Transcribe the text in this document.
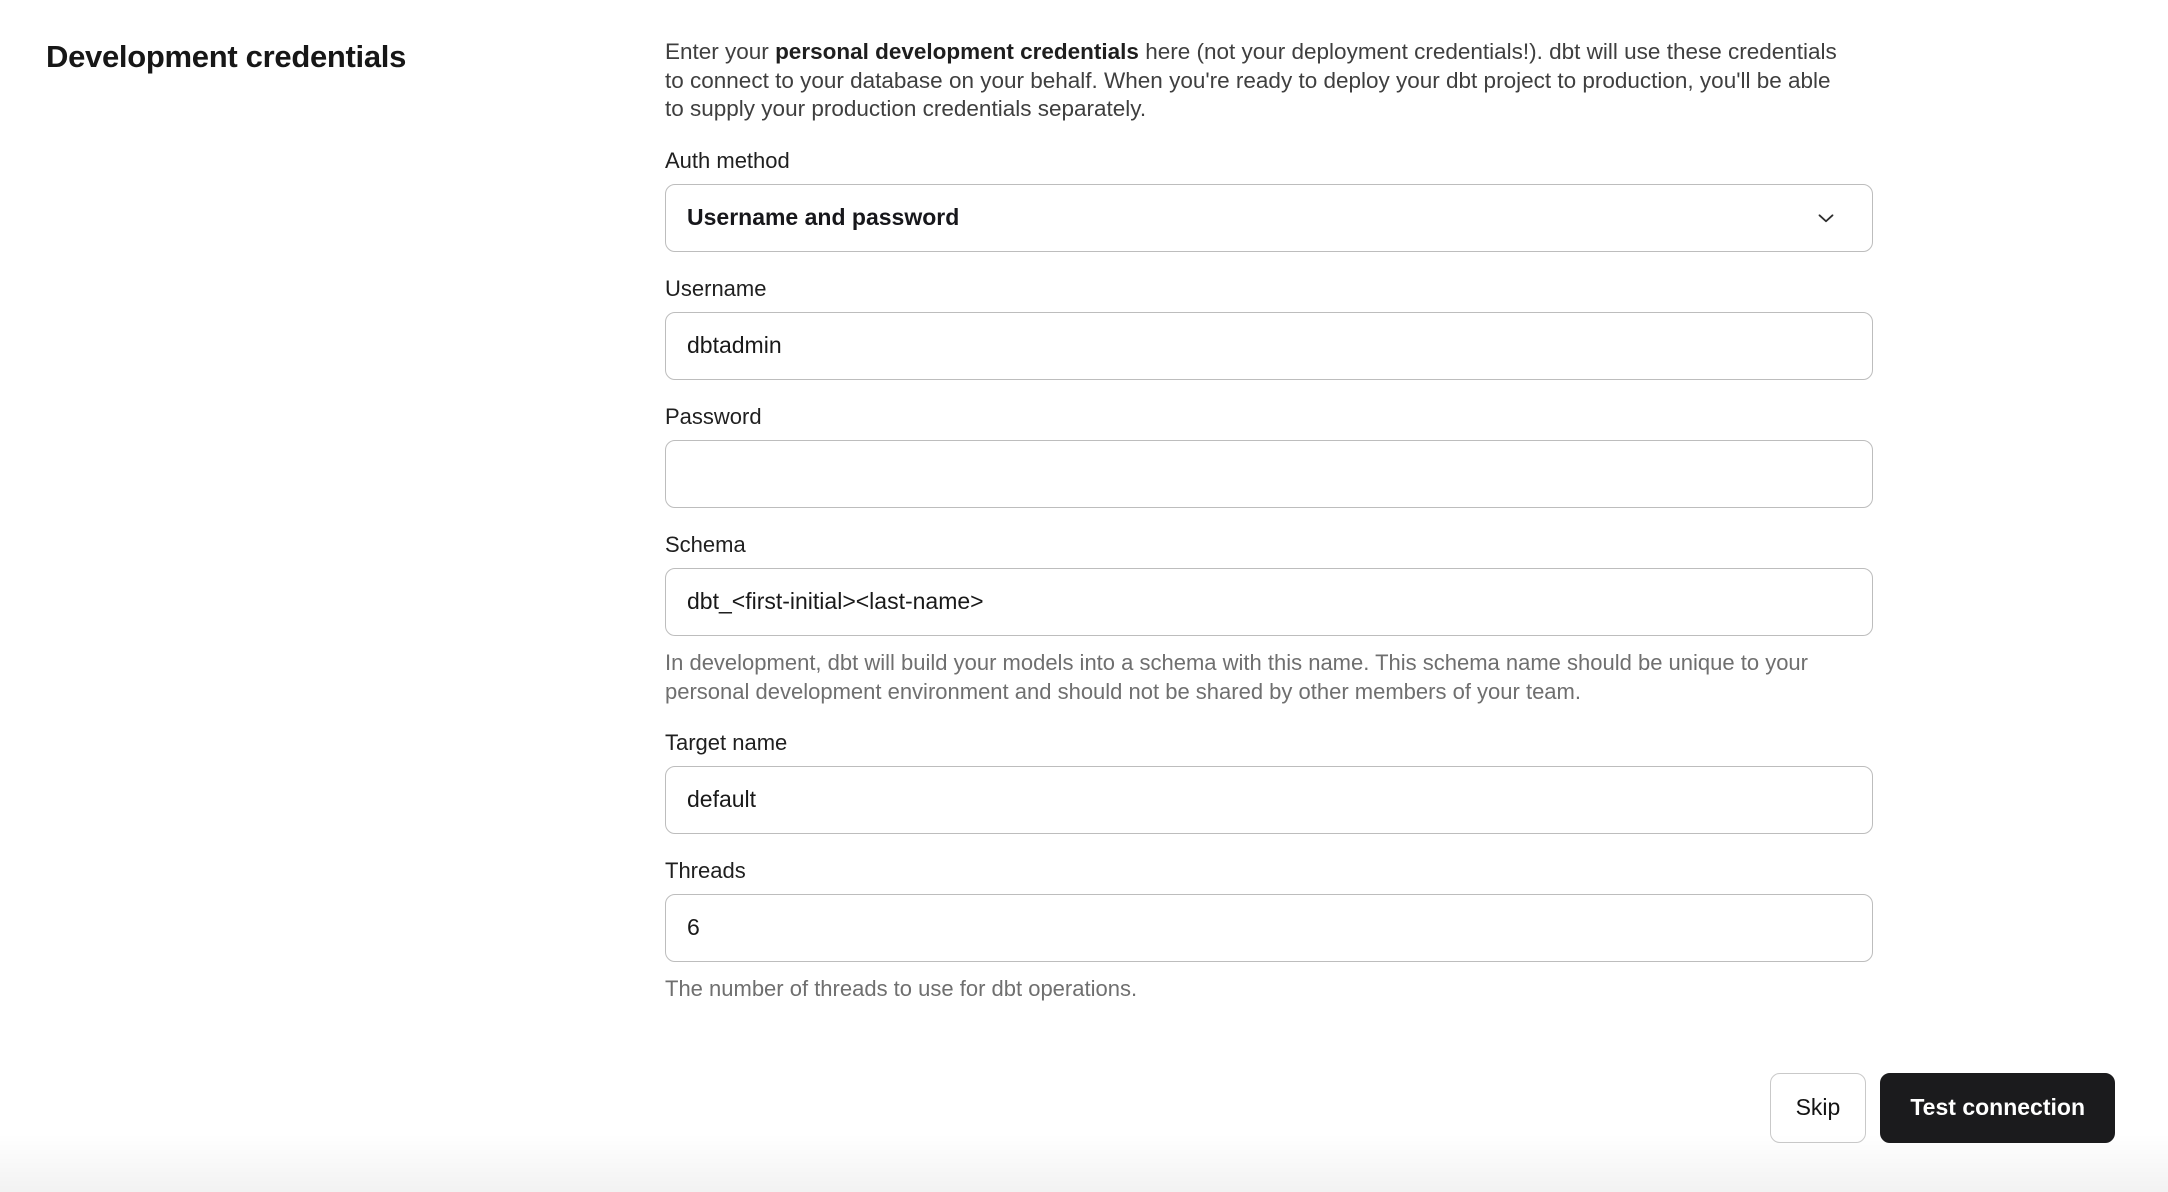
Development credentials	Enter your personal development credentials here (not your deployment credentials!). dbt will use these credentials to connect to your database on your behalf. When you're ready to deploy your dbt project to production, you'll be able to supply your production credentials separately.

Auth method
Username and password
Username
dbtadmin
Password
Schema
dbt_<first-initial><last-name>
In development, dbt will build your models into a schema with this name. This schema name should be unique to your personal development environment and should not be shared by other members of your team.
Target name
default
Threads
6
The number of threads to use for dbt operations.
Skip	Test connection
